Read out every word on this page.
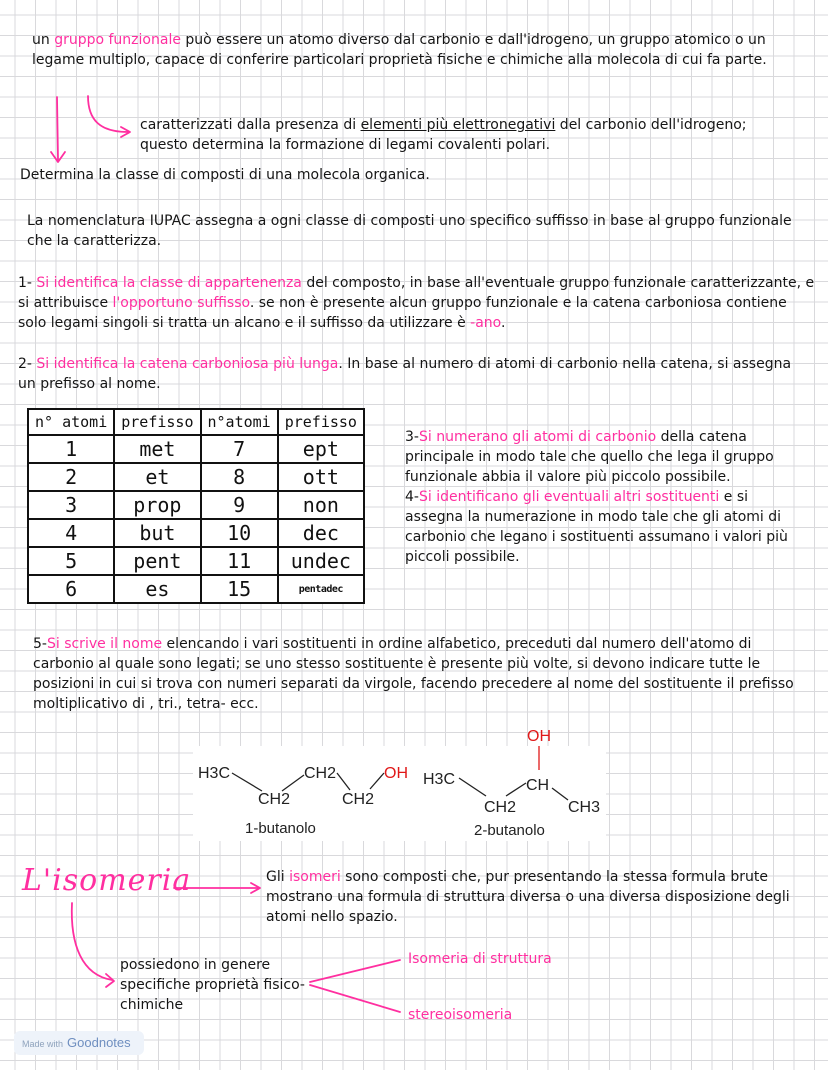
un gruppo funzionale può essere un atomo diverso dal carbonio e dall'idrogeno, un gruppo atomico o un legame multiplo, capace di conferire particolari proprietà fisiche e chimiche alla molecola di cui fa parte.
caratterizzati dalla presenza di elementi più elettronegativi del carbonio dell'idrogeno; questo determina la formazione di legami covalenti polari.
Determina la classe di composti di una molecola organica.
La nomenclatura IUPAC assegna a ogni classe di composti uno specifico suffisso in base al gruppo funzionale che la caratterizza.
1- Si identifica la classe di appartenenza del composto, in base all'eventuale gruppo funzionale caratterizzante, e si attribuisce l'opportuno suffisso. se non è presente alcun gruppo funzionale e la catena carboniosa contiene solo legami singoli si tratta un alcano e il suffisso da utilizzare è -ano.
2- Si identifica la catena carboniosa più lunga. In base al numero di atomi di carbonio nella catena, si assegna un prefisso al nome.
n° atomi	prefisso	n°atomi	prefisso
1	met	7	ept
2	et	8	ott
3	prop	9	non
4	but	10	dec
5	pent	11	undec
6	es	15	pentadec
3-Si numerano gli atomi di carbonio della catena principale in modo tale che quello che lega il gruppo funzionale abbia il valore più piccolo possibile.
4-Si identificano gli eventuali altri sostituenti e si assegna la numerazione in modo tale che gli atomi di carbonio che legano i sostituenti assumano i valori più piccoli possibile.
5-Si scrive il nome elencando i vari sostituenti in ordine alfabetico, preceduti dal numero dell'atomo di carbonio al quale sono legati; se uno stesso sostituente è presente più volte, si devono indicare tutte le posizioni in cui si trova con numeri separati da virgole, facendo precedere al nome del sostituente il prefisso moltiplicativo di , tri., tetra- ecc.
H3C	CH2
CH2	CH2
OH
OH
H3C	CH
CH2	CH3
1-butanolo	2-butanolo
L'isomeria	Gli isomeri sono composti che, pur presentando la stessa formula brute mostrano una formula di struttura diversa o una diversa disposizione degli atomi nello spazio.
possiedono in genere specifiche proprietà fisico-chimiche
Isomeria di struttura
stereoisomeria
Made with Goodnotes
